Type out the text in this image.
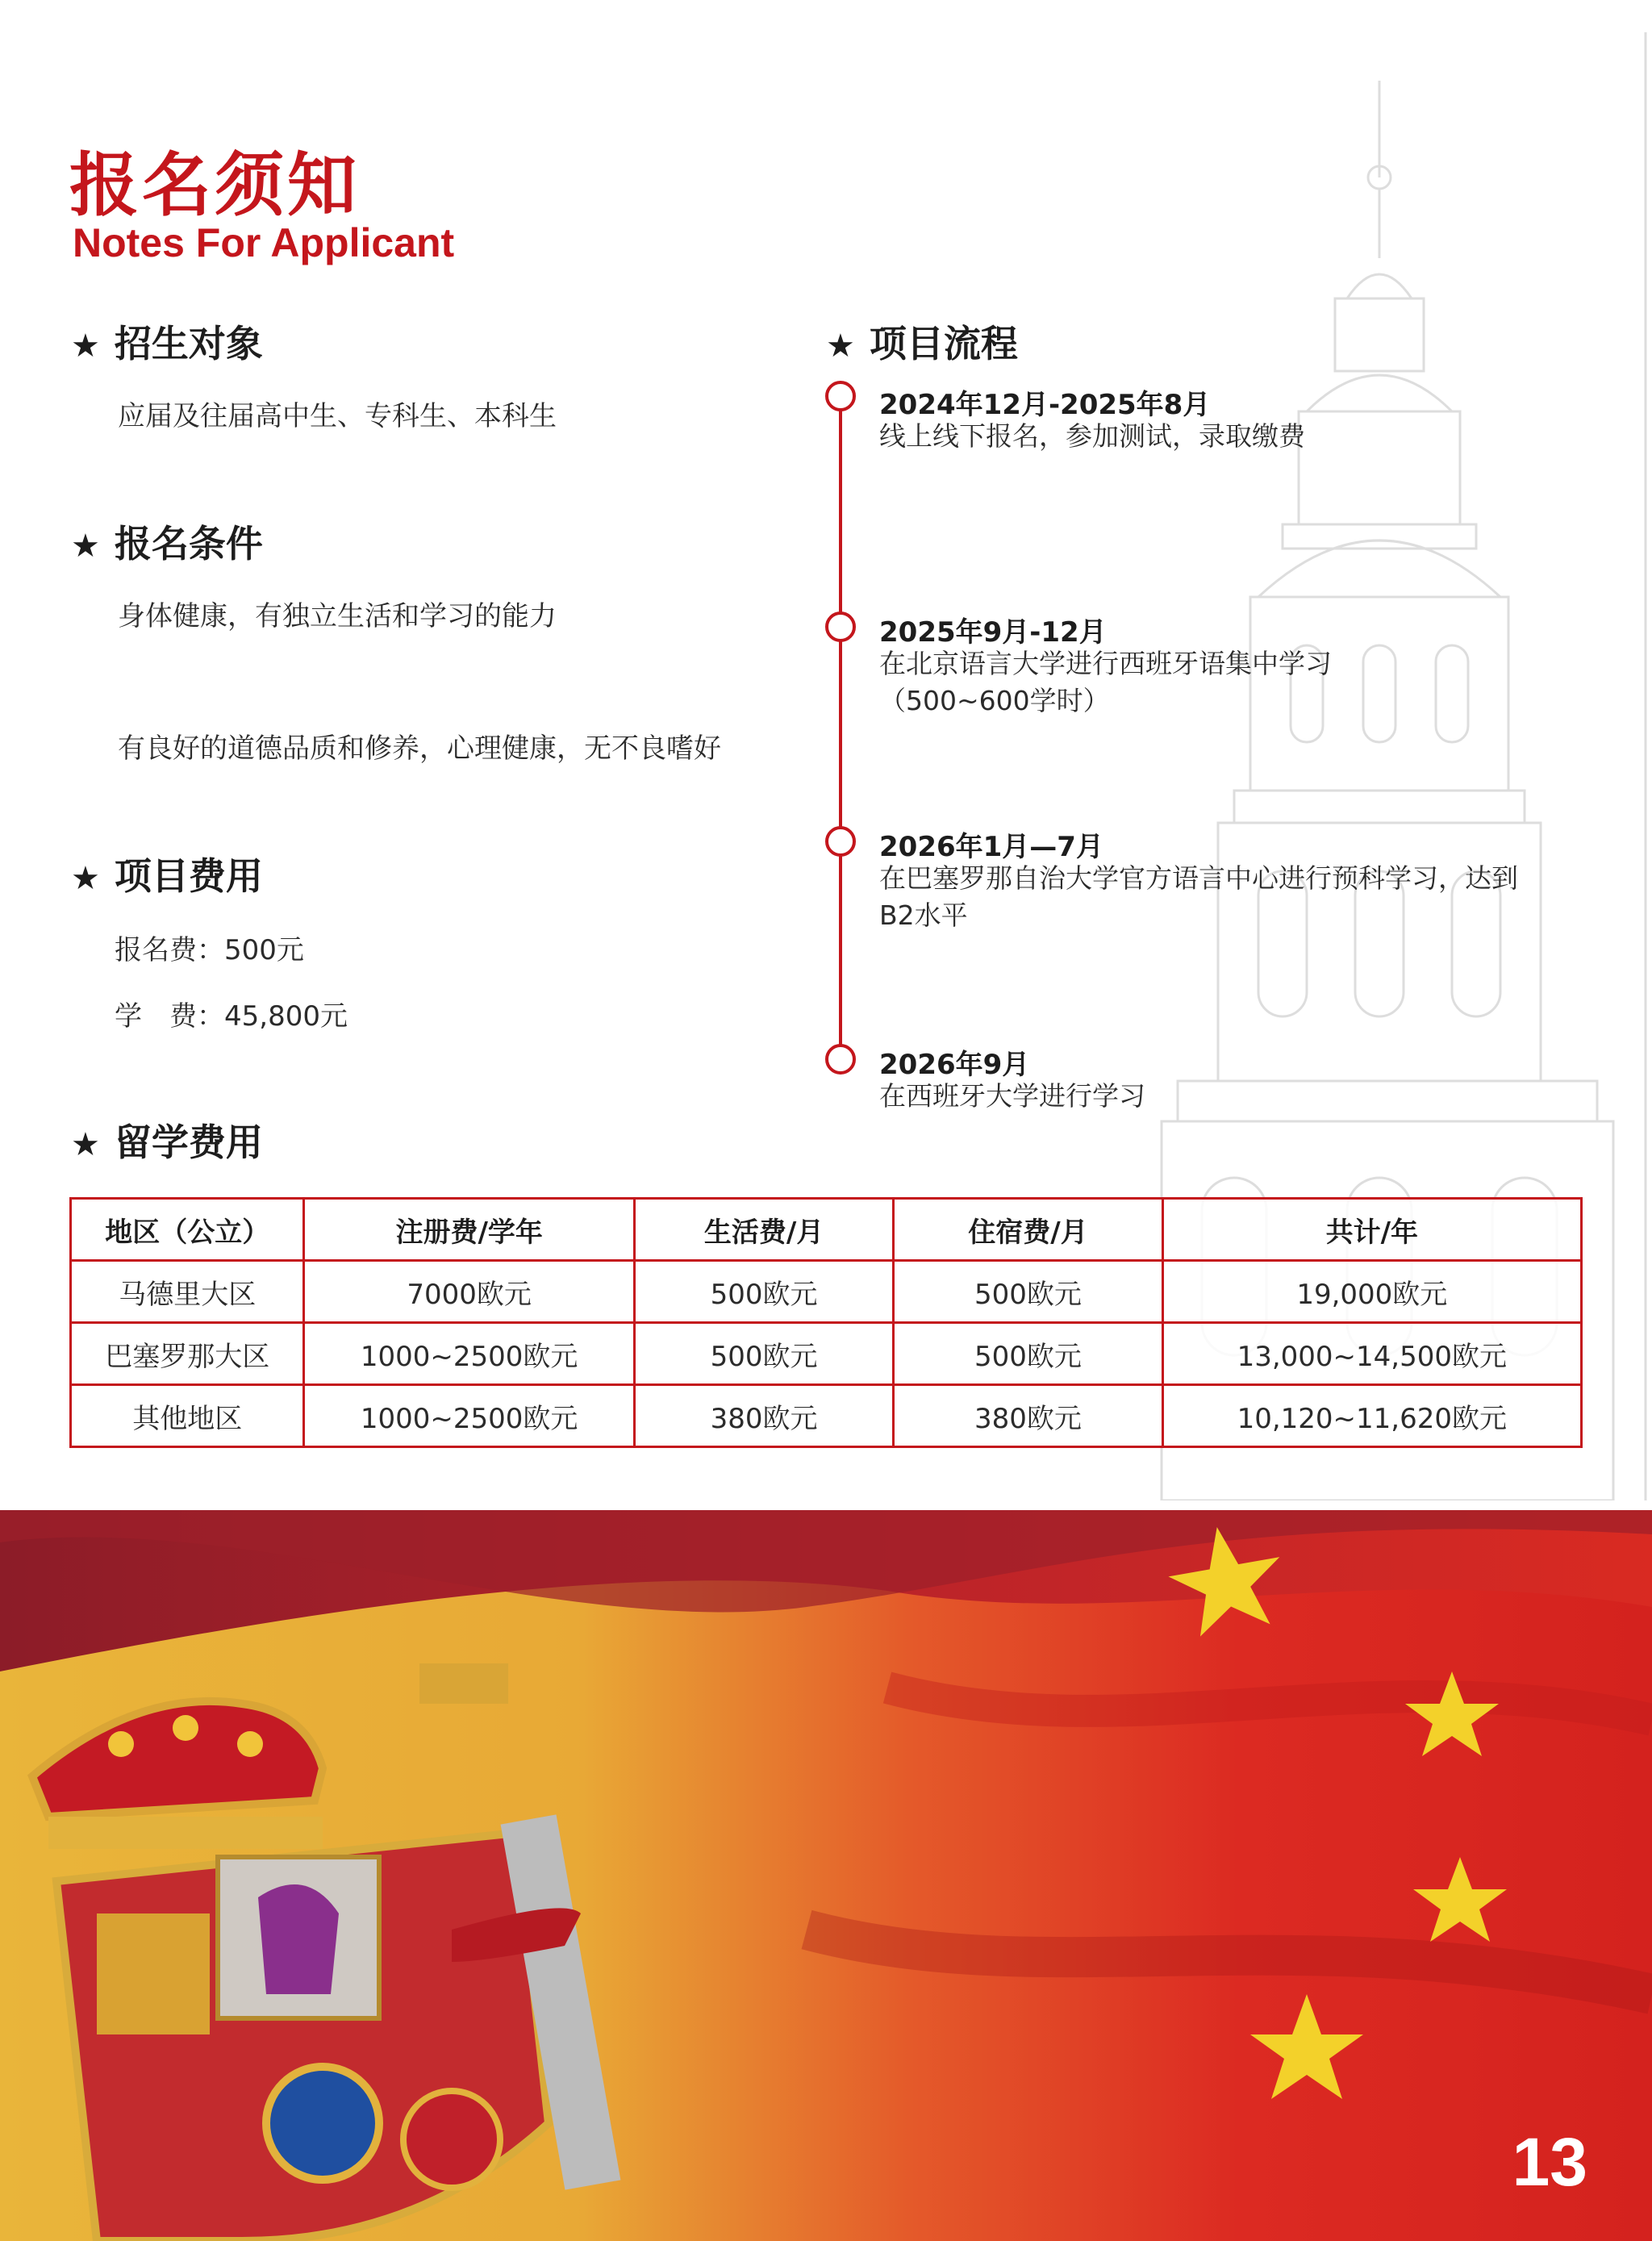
报名须知
Notes For Applicant
★ 招生对象
应届及往届高中生、专科生、本科生
★ 报名条件
身体健康，有独立生活和学习的能力
有良好的道德品质和修养，心理健康，无不良嗜好
★ 项目费用
报名费：500元
学　费：45,800元
★ 项目流程
2024年12月-2025年8月
线上线下报名，参加测试，录取缴费
2025年9月-12月
在北京语言大学进行西班牙语集中学习
（500~600学时）
2026年1月—7月
在巴塞罗那自治大学官方语言中心进行预科学习，达到
B2水平
2026年9月
在西班牙大学进行学习
★ 留学费用
地区（公立）	注册费/学年	生活费/月	住宿费/月	共计/年
马德里大区	7000欧元	500欧元	500欧元	19,000欧元
巴塞罗那大区	1000~2500欧元	500欧元	500欧元	13,000~14,500欧元
其他地区	1000~2500欧元	380欧元	380欧元	10,120~11,620欧元
13
